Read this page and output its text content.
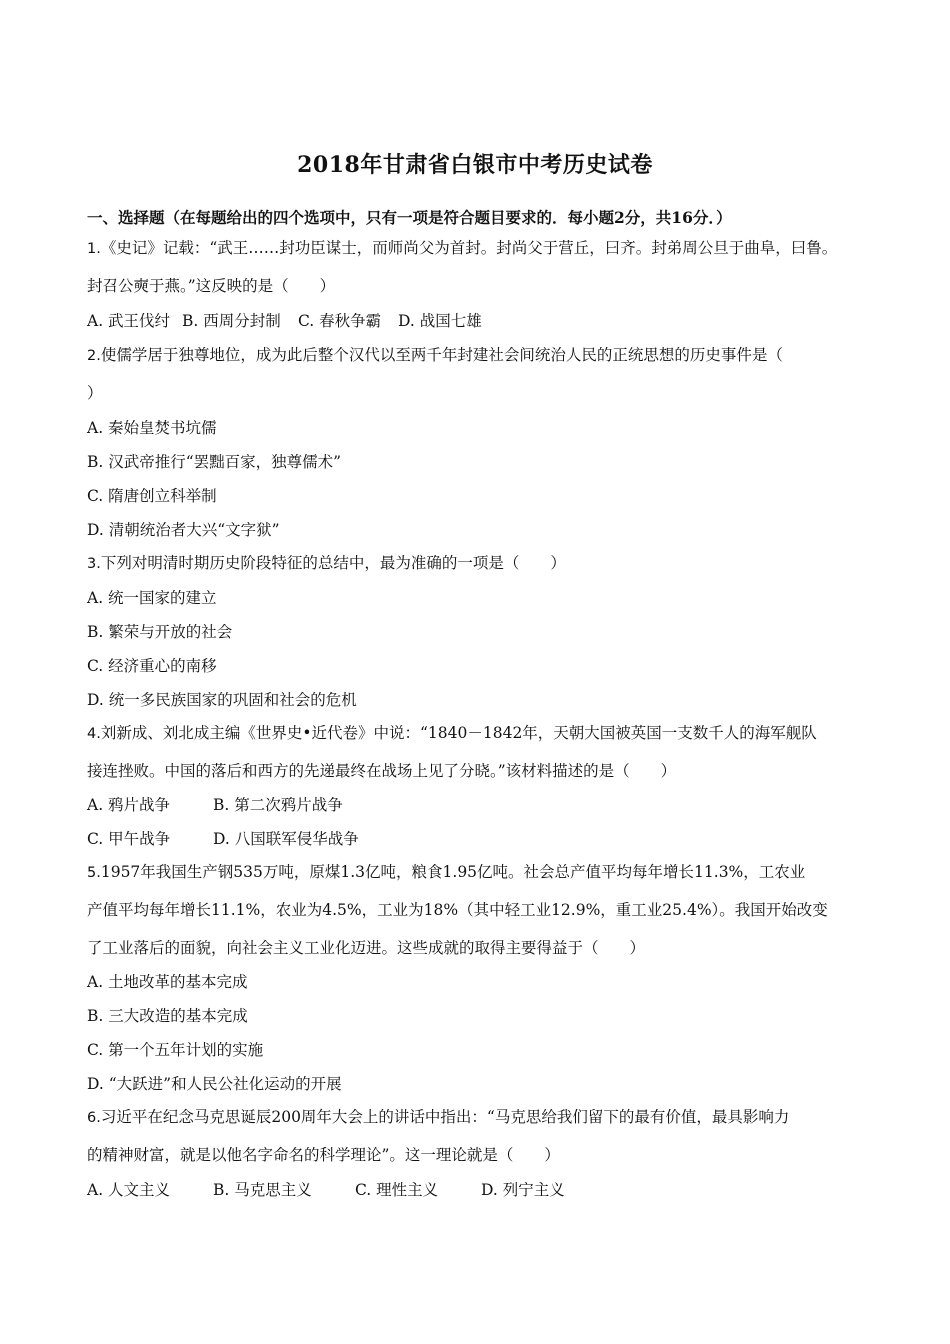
2018年甘肃省白银市中考历史试卷
一、选择题（在每题给出的四个选项中，只有一项是符合题目要求的．每小题2分，共16分．）
1.《史记》记载：“武王……封功臣谋士，而师尚父为首封。封尚父于营丘，曰齐。封弟周公旦于曲阜，曰鲁。
封召公奭于燕。”这反映的是（　　）
A. 武王伐纣 B. 西周分封制 C. 春秋争霸 D. 战国七雄
2.使儒学居于独尊地位，成为此后整个汉代以至两千年封建社会间统治人民的正统思想的历史事件是（
）
A. 秦始皇焚书坑儒
B. 汉武帝推行“罢黜百家，独尊儒术”
C. 隋唐创立科举制
D. 清朝统治者大兴“文字狱”
3.下列对明清时期历史阶段特征的总结中，最为准确的一项是（　　）
A. 统一国家的建立
B. 繁荣与开放的社会
C. 经济重心的南移
D. 统一多民族国家的巩固和社会的危机
4.刘新成、刘北成主编《世界史•近代卷》中说：“1840－1842年，天朝大国被英国一支数千人的海军舰队
接连挫败。中国的落后和西方的先递最终在战场上见了分晓。”该材料描述的是（　　）
A. 鸦片战争	B. 第二次鸦片战争
C. 甲午战争	D. 八国联军侵华战争
5.1957年我国生产钢535万吨，原煤1.3亿吨，粮食1.95亿吨。社会总产值平均每年增长11.3%，工农业
产值平均每年增长11.1%，农业为4.5%，工业为18%（其中轻工业12.9%，重工业25.4%）。我国开始改变
了工业落后的面貌，向社会主义工业化迈进。这些成就的取得主要得益于（　　）
A. 土地改革的基本完成
B. 三大改造的基本完成
C. 第一个五年计划的实施
D. “大跃进”和人民公社化运动的开展
6.习近平在纪念马克思诞辰200周年大会上的讲话中指出：“马克思给我们留下的最有价值，最具影响力
的精神财富，就是以他名字命名的科学理论”。这一理论就是（　　）
A. 人文主义	B. 马克思主义	C. 理性主义	D. 列宁主义
